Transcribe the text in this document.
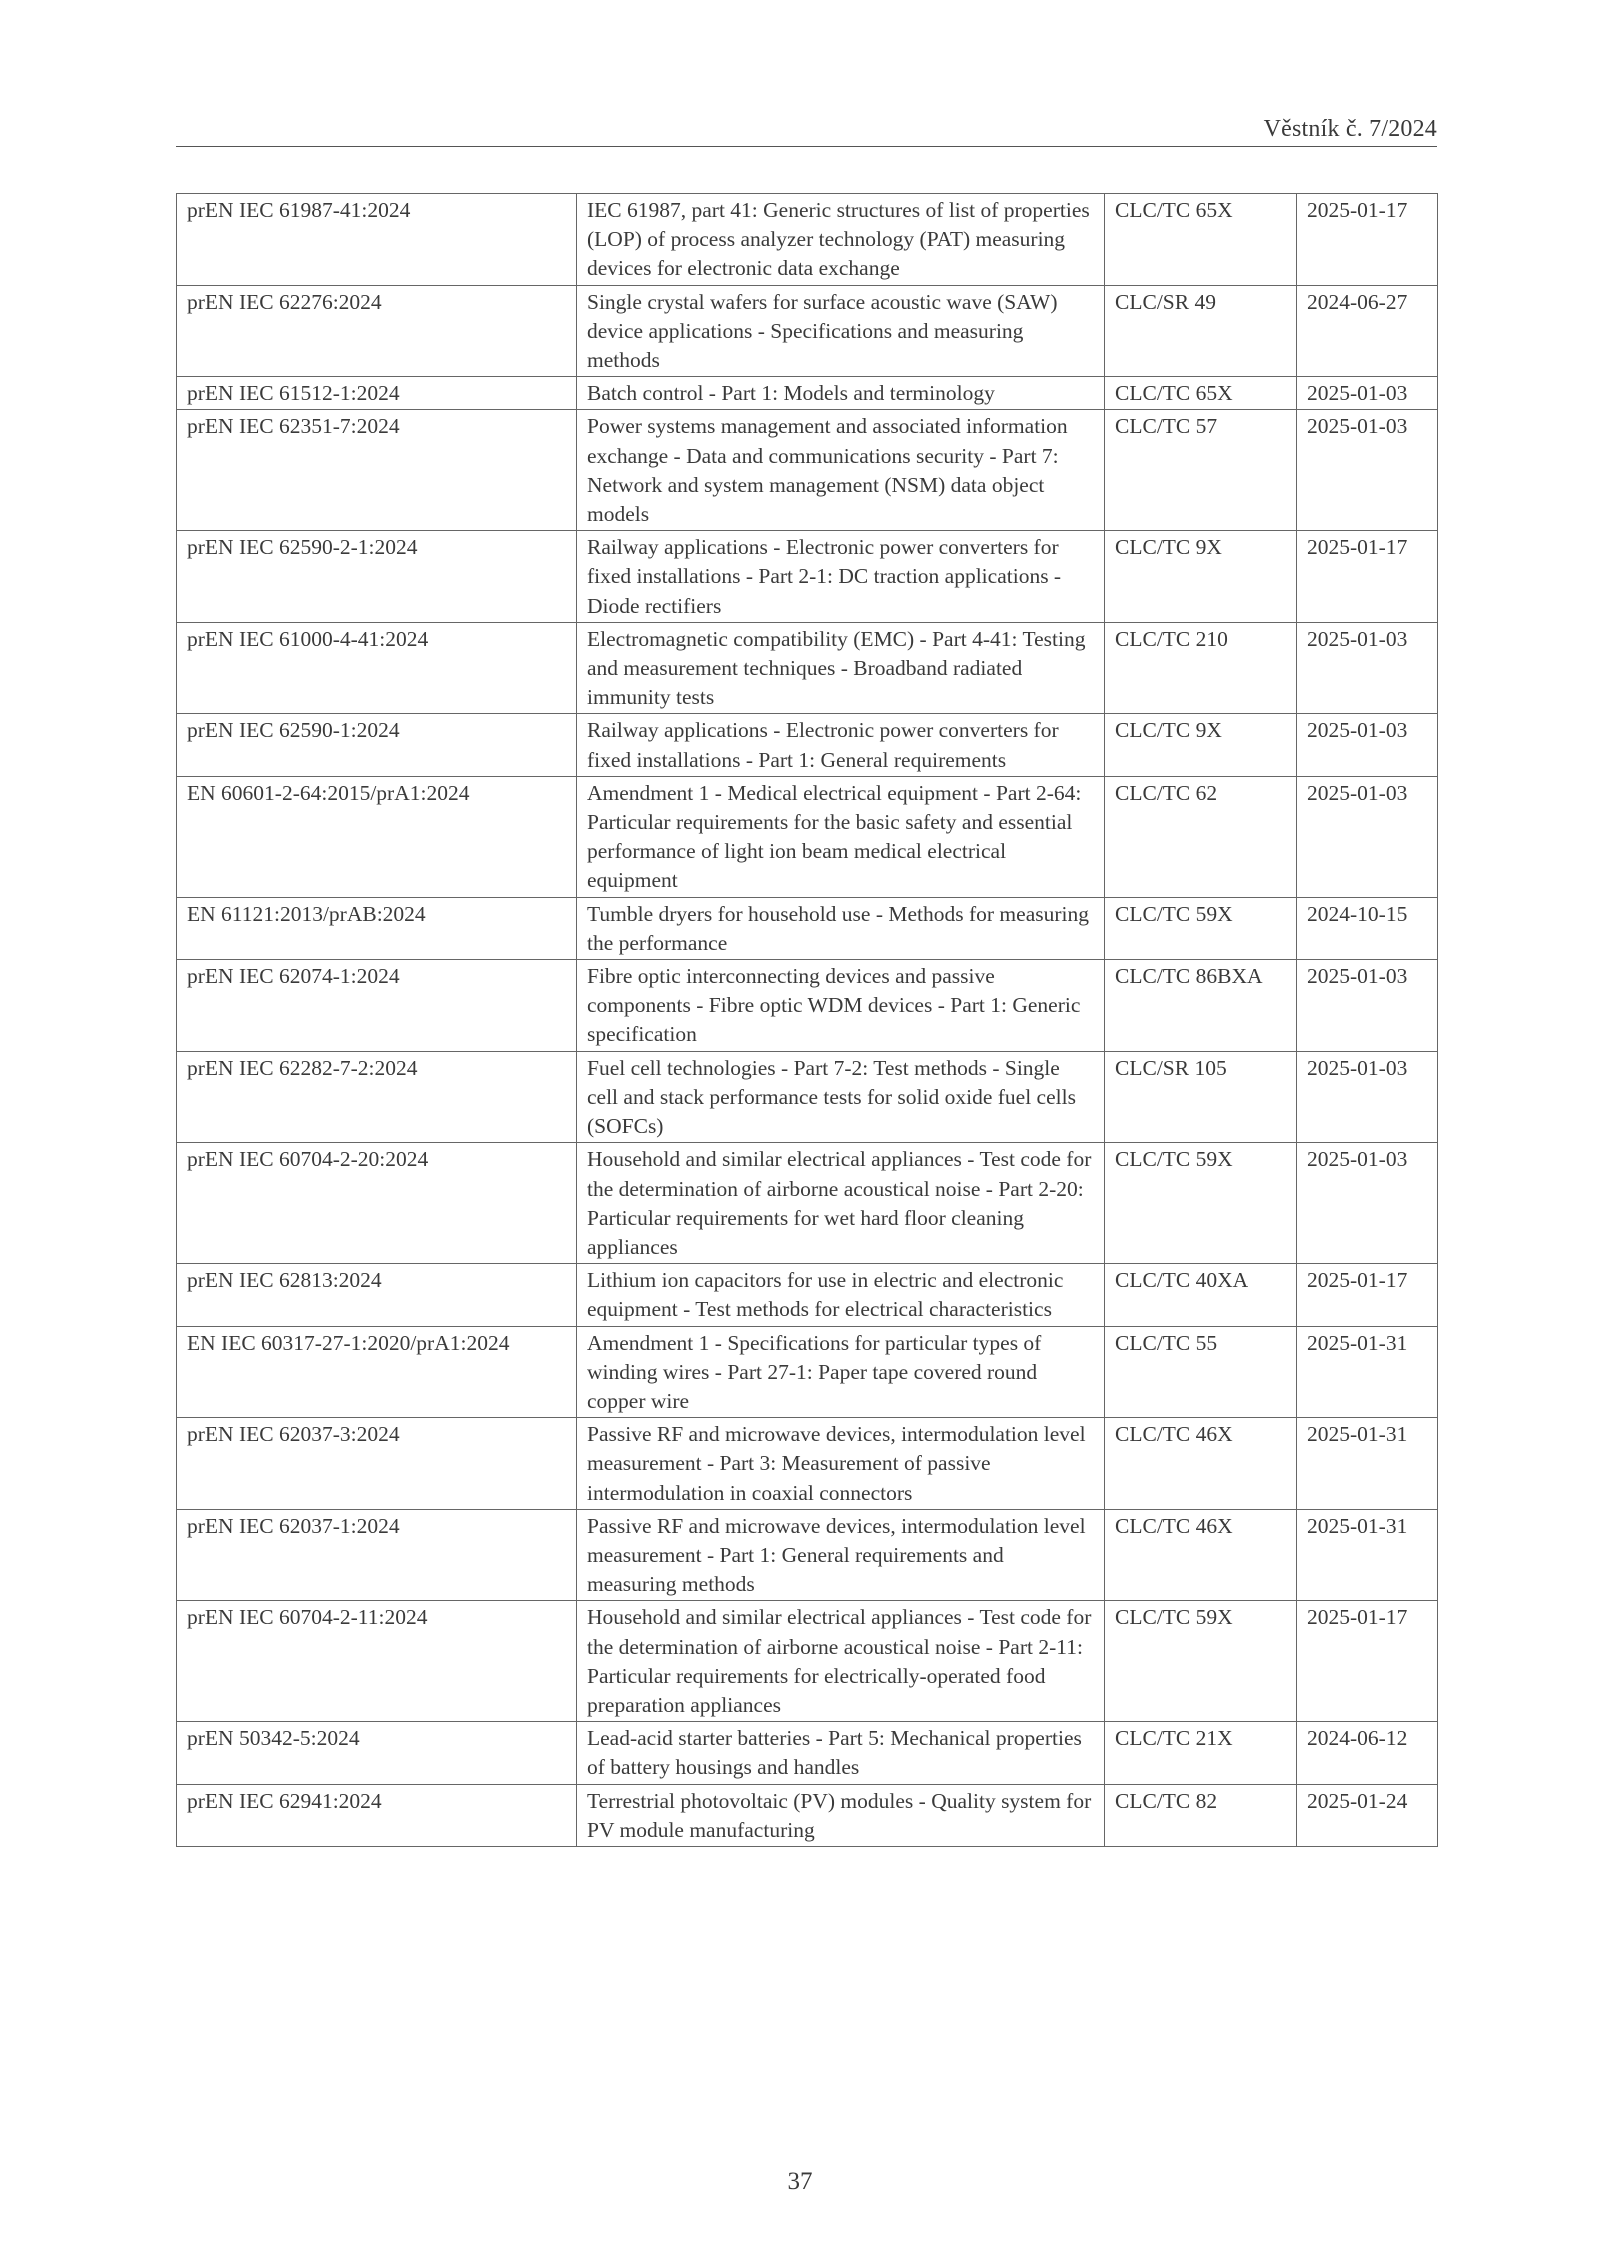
Věstník č. 7/2024
prEN IEC 61987-41:2024	IEC 61987, part 41: Generic structures of list of properties (LOP) of process analyzer technology (PAT) measuring devices for electronic data exchange	CLC/TC 65X	2025-01-17
prEN IEC 62276:2024	Single crystal wafers for surface acoustic wave (SAW) device applications - Specifications and measuring methods	CLC/SR 49	2024-06-27
prEN IEC 61512-1:2024	Batch control - Part 1: Models and terminology	CLC/TC 65X	2025-01-03
prEN IEC 62351-7:2024	Power systems management and associated information exchange - Data and communications security - Part 7: Network and system management (NSM) data object models	CLC/TC 57	2025-01-03
prEN IEC 62590-2-1:2024	Railway applications - Electronic power converters for fixed installations - Part 2-1: DC traction applications - Diode rectifiers	CLC/TC 9X	2025-01-17
prEN IEC 61000-4-41:2024	Electromagnetic compatibility (EMC) - Part 4-41: Testing and measurement techniques - Broadband radiated immunity tests	CLC/TC 210	2025-01-03
prEN IEC 62590-1:2024	Railway applications - Electronic power converters for fixed installations - Part 1: General requirements	CLC/TC 9X	2025-01-03
EN 60601-2-64:2015/prA1:2024	Amendment 1 - Medical electrical equipment - Part 2-64: Particular requirements for the basic safety and essential performance of light ion beam medical electrical equipment	CLC/TC 62	2025-01-03
EN 61121:2013/prAB:2024	Tumble dryers for household use - Methods for measuring the performance	CLC/TC 59X	2024-10-15
prEN IEC 62074-1:2024	Fibre optic interconnecting devices and passive components - Fibre optic WDM devices - Part 1: Generic specification	CLC/TC 86BXA	2025-01-03
prEN IEC 62282-7-2:2024	Fuel cell technologies - Part 7-2: Test methods - Single cell and stack performance tests for solid oxide fuel cells (SOFCs)	CLC/SR 105	2025-01-03
prEN IEC 60704-2-20:2024	Household and similar electrical appliances - Test code for the determination of airborne acoustical noise - Part 2-20: Particular requirements for wet hard floor cleaning appliances	CLC/TC 59X	2025-01-03
prEN IEC 62813:2024	Lithium ion capacitors for use in electric and electronic equipment - Test methods for electrical characteristics	CLC/TC 40XA	2025-01-17
EN IEC 60317-27-1:2020/prA1:2024	Amendment 1 - Specifications for particular types of winding wires - Part 27-1: Paper tape covered round copper wire	CLC/TC 55	2025-01-31
prEN IEC 62037-3:2024	Passive RF and microwave devices, intermodulation level measurement - Part 3: Measurement of passive intermodulation in coaxial connectors	CLC/TC 46X	2025-01-31
prEN IEC 62037-1:2024	Passive RF and microwave devices, intermodulation level measurement - Part 1: General requirements and measuring methods	CLC/TC 46X	2025-01-31
prEN IEC 60704-2-11:2024	Household and similar electrical appliances - Test code for the determination of airborne acoustical noise - Part 2-11: Particular requirements for electrically-operated food preparation appliances	CLC/TC 59X	2025-01-17
prEN 50342-5:2024	Lead-acid starter batteries - Part 5: Mechanical properties of battery housings and handles	CLC/TC 21X	2024-06-12
prEN IEC 62941:2024	Terrestrial photovoltaic (PV) modules - Quality system for PV module manufacturing	CLC/TC 82	2025-01-24
37
